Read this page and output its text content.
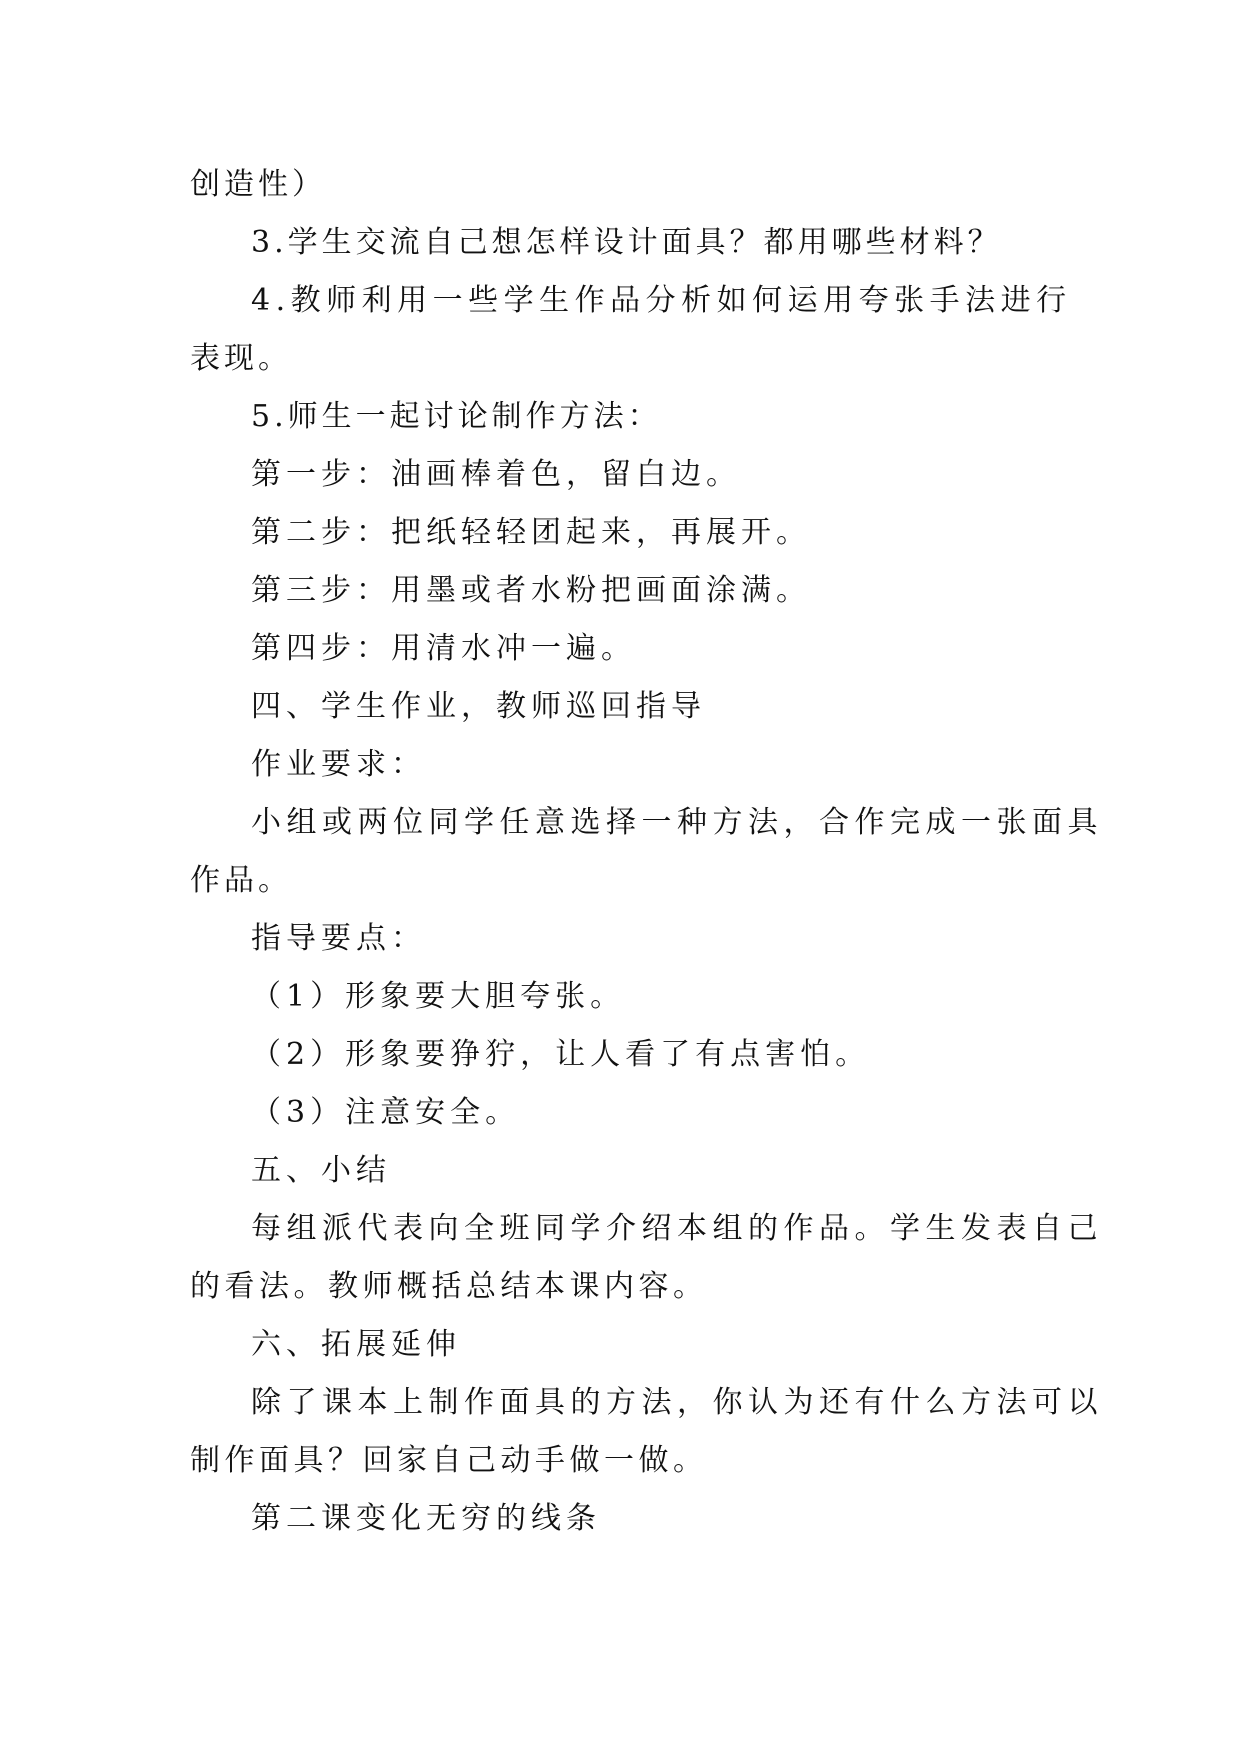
创造性）

3.学生交流自己想怎样设计面具？都用哪些材料？

4.教师利用一些学生作品分析如何运用夸张手法进行

表现。

5.师生一起讨论制作方法：

第一步：油画棒着色，留白边。

第二步：把纸轻轻团起来，再展开。

第三步：用墨或者水粉把画面涂满。

第四步：用清水冲一遍。

四、学生作业，教师巡回指导

作业要求：

小组或两位同学任意选择一种方法，合作完成一张面具

作品。

指导要点：

（1）形象要大胆夸张。

（2）形象要狰狞，让人看了有点害怕。

（3）注意安全。

五、小结

每组派代表向全班同学介绍本组的作品。学生发表自己

的看法。教师概括总结本课内容。

六、拓展延伸

除了课本上制作面具的方法，你认为还有什么方法可以

制作面具？回家自己动手做一做。

第二课变化无穷的线条
